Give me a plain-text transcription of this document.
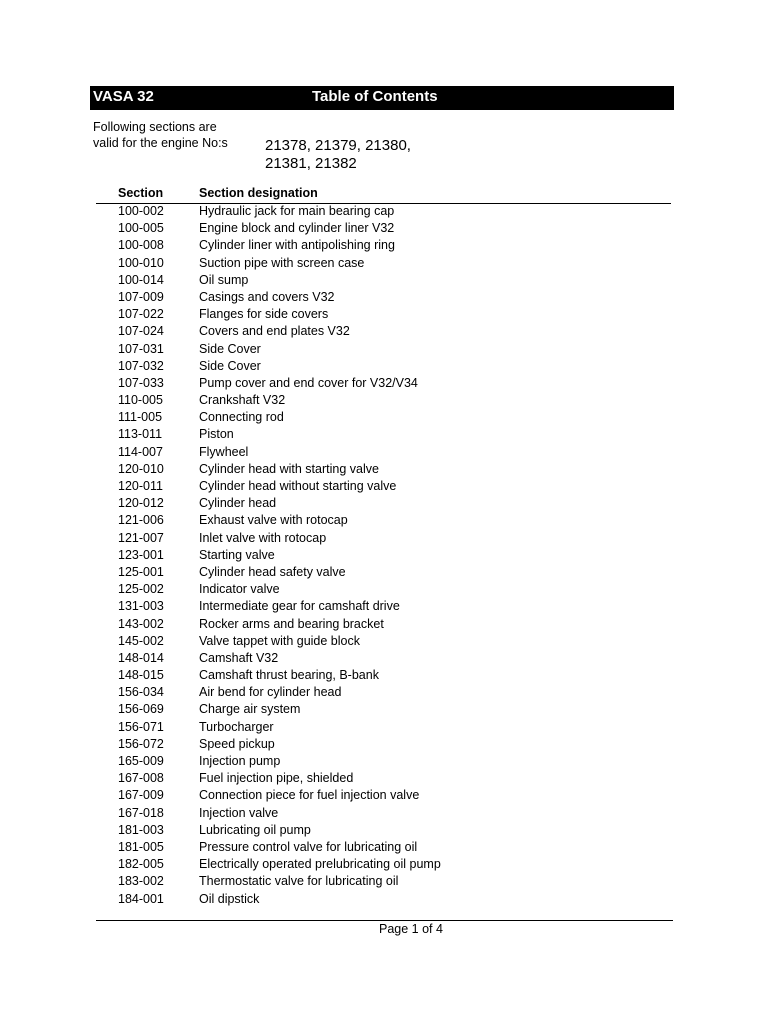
VASA 32	Table of Contents
Following sections are
valid for the engine No:s 21378, 21379, 21380,
21381, 21382
Section	Section designation
100-002	Hydraulic jack for main bearing cap
100-005	Engine block and cylinder liner V32
100-008	Cylinder liner with antipolishing ring
100-010	Suction pipe with screen case
100-014	Oil sump
107-009	Casings and covers V32
107-022	Flanges for side covers
107-024	Covers and end plates V32
107-031	Side Cover
107-032	Side Cover
107-033	Pump cover and end cover for V32/V34
110-005	Crankshaft V32
111-005	Connecting rod
113-011	Piston
114-007	Flywheel
120-010	Cylinder head with starting valve
120-011	Cylinder head without starting valve
120-012	Cylinder head
121-006	Exhaust valve with rotocap
121-007	Inlet valve with rotocap
123-001	Starting valve
125-001	Cylinder head safety valve
125-002	Indicator valve
131-003	Intermediate gear for camshaft drive
143-002	Rocker arms and bearing bracket
145-002	Valve tappet with guide block
148-014	Camshaft V32
148-015	Camshaft thrust bearing, B-bank
156-034	Air bend for cylinder head
156-069	Charge air system
156-071	Turbocharger
156-072	Speed pickup
165-009	Injection pump
167-008	Fuel injection pipe, shielded
167-009	Connection piece for fuel injection valve
167-018	Injection valve
181-003	Lubricating oil pump
181-005	Pressure control valve for lubricating oil
182-005	Electrically operated prelubricating oil pump
183-002	Thermostatic valve for lubricating oil
184-001	Oil dipstick
Page 1 of 4
